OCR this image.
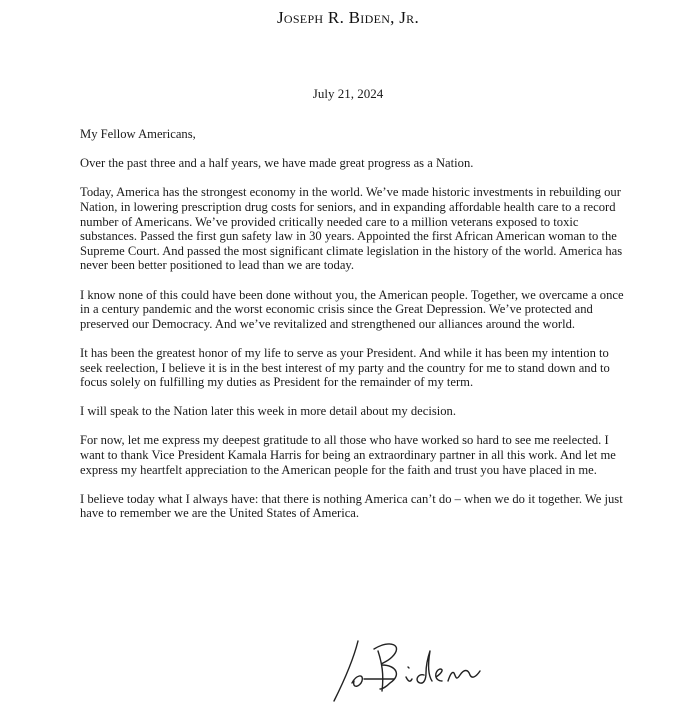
Joseph R. Biden, Jr.
July 21, 2024

My Fellow Americans,

Over the past three and a half years, we have made great progress as a Nation.

Today, America has the strongest economy in the world. We’ve made historic investments in rebuilding our Nation, in lowering prescription drug costs for seniors, and in expanding affordable health care to a record number of Americans. We’ve provided critically needed care to a million veterans exposed to toxic substances. Passed the first gun safety law in 30 years. Appointed the first African American woman to the Supreme Court. And passed the most significant climate legislation in the history of the world. America has never been better positioned to lead than we are today.

I know none of this could have been done without you, the American people. Together, we overcame a once in a century pandemic and the worst economic crisis since the Great Depression. We’ve protected and preserved our Democracy. And we’ve revitalized and strengthened our alliances around the world.

It has been the greatest honor of my life to serve as your President. And while it has been my intention to seek reelection, I believe it is in the best interest of my party and the country for me to stand down and to focus solely on fulfilling my duties as President for the remainder of my term.

I will speak to the Nation later this week in more detail about my decision.

For now, let me express my deepest gratitude to all those who have worked so hard to see me reelected. I want to thank Vice President Kamala Harris for being an extraordinary partner in all this work. And let me express my heartfelt appreciation to the American people for the faith and trust you have placed in me.

I believe today what I always have: that there is nothing America can’t do – when we do it together. We just have to remember we are the United States of America.

Joe Biden
